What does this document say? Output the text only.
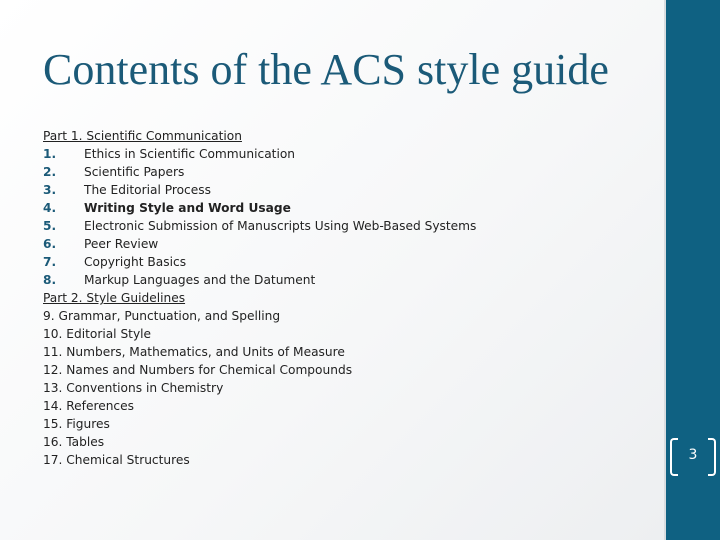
Contents of the ACS style guide
Part 1. Scientific Communication
1. Ethics in Scientific Communication
2. Scientific Papers
3. The Editorial Process
4. Writing Style and Word Usage
5. Electronic Submission of Manuscripts Using Web-Based Systems
6. Peer Review
7. Copyright Basics
8. Markup Languages and the Datument
Part 2. Style Guidelines
9. Grammar, Punctuation, and Spelling
10. Editorial Style
11. Numbers, Mathematics, and Units of Measure
12. Names and Numbers for Chemical Compounds
13. Conventions in Chemistry
14. References
15. Figures
16. Tables
17. Chemical Structures	3
